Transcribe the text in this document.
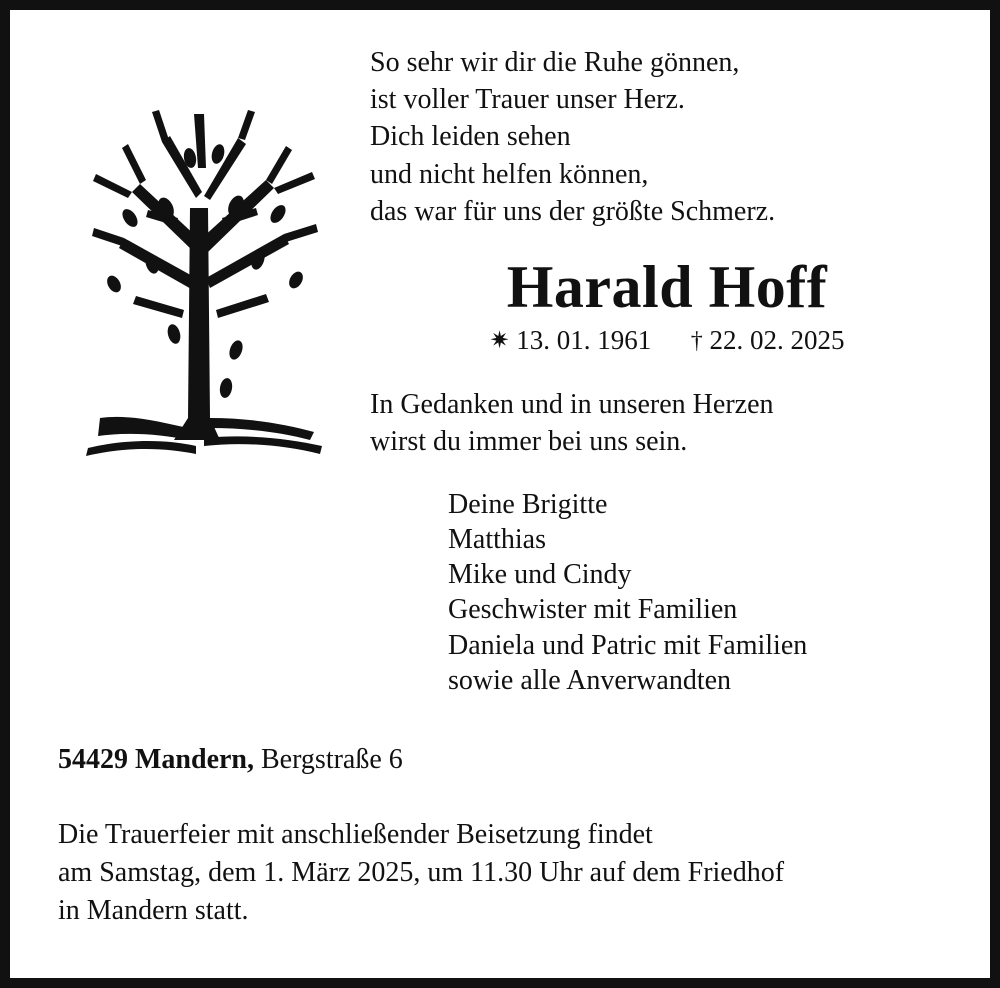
So sehr wir dir die Ruhe gönnen,
ist voller Trauer unser Herz.
Dich leiden sehen
und nicht helfen können,
das war für uns der größte Schmerz.
Harald Hoff
✷ 13. 01. 1961 † 22. 02. 2025
In Gedanken und in unseren Herzen
wirst du immer bei uns sein.
Deine Brigitte
Matthias
Mike und Cindy
Geschwister mit Familien
Daniela und Patric mit Familien
sowie alle Anverwandten
54429 Mandern, Bergstraße 6
Die Trauerfeier mit anschließender Beisetzung findet
am Samstag, dem 1. März 2025, um 11.30 Uhr auf dem Friedhof
in Mandern statt.
